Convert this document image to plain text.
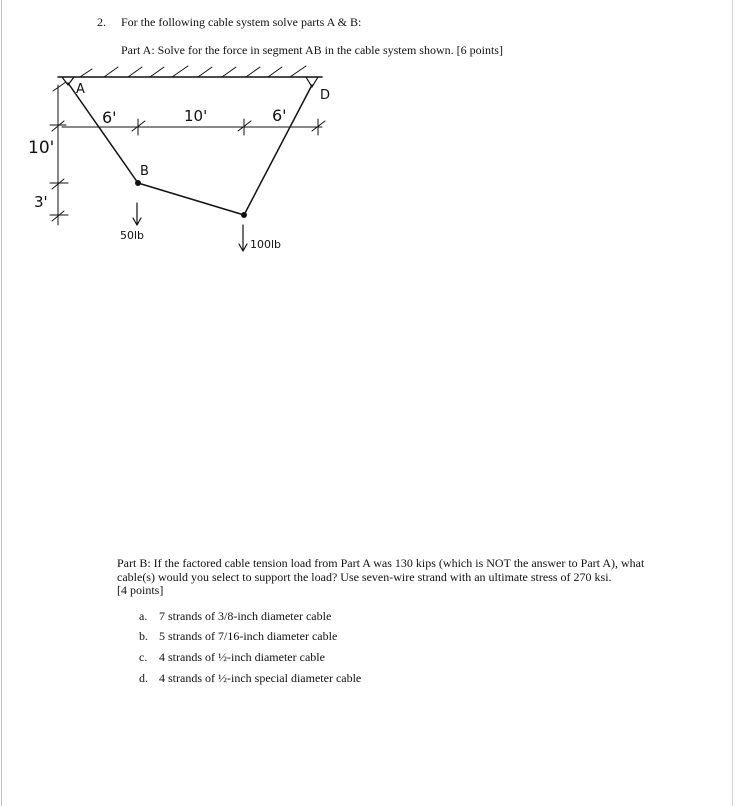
2. For the following cable system solve parts A & B:
Part A: Solve for the force in segment AB in the cable system shown. [6 points]
A
B
D
6'	10'	6'
10'
3'
50lb
100lb
Part B: If the factored cable tension load from Part A was 130 kips (which is NOT the answer to Part A), what
cable(s) would you select to support the load? Use seven-wire strand with an ultimate stress of 270 ksi.
[4 points]
a. 7 strands of 3/8-inch diameter cable
b. 5 strands of 7/16-inch diameter cable
c. 4 strands of ½-inch diameter cable
d. 4 strands of ½-inch special diameter cable
